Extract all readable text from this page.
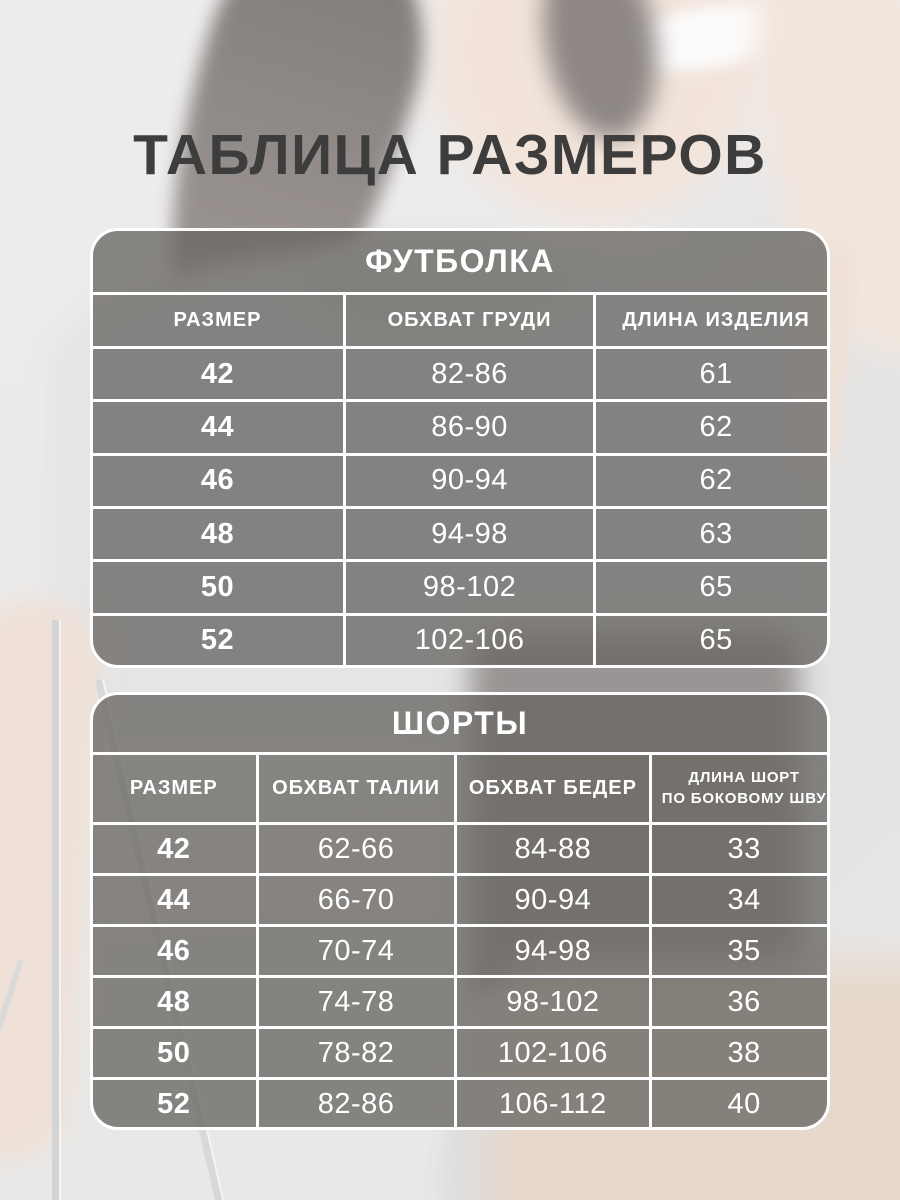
ТАБЛИЦА РАЗМЕРОВ
ФУТБОЛКА
РАЗМЕР	ОБХВАТ ГРУДИ	ДЛИНА ИЗДЕЛИЯ
42	82-86	61
44	86-90	62
46	90-94	62
48	94-98	63
50	98-102	65
52	102-106	65
ШОРТЫ
РАЗМЕР	ОБХВАТ ТАЛИИ	ОБХВАТ БЕДЕР	ДЛИНА ШОРТ
ПО БОКОВОМУ ШВУ
42	62-66	84-88	33
44	66-70	90-94	34
46	70-74	94-98	35
48	74-78	98-102	36
50	78-82	102-106	38
52	82-86	106-112	40
